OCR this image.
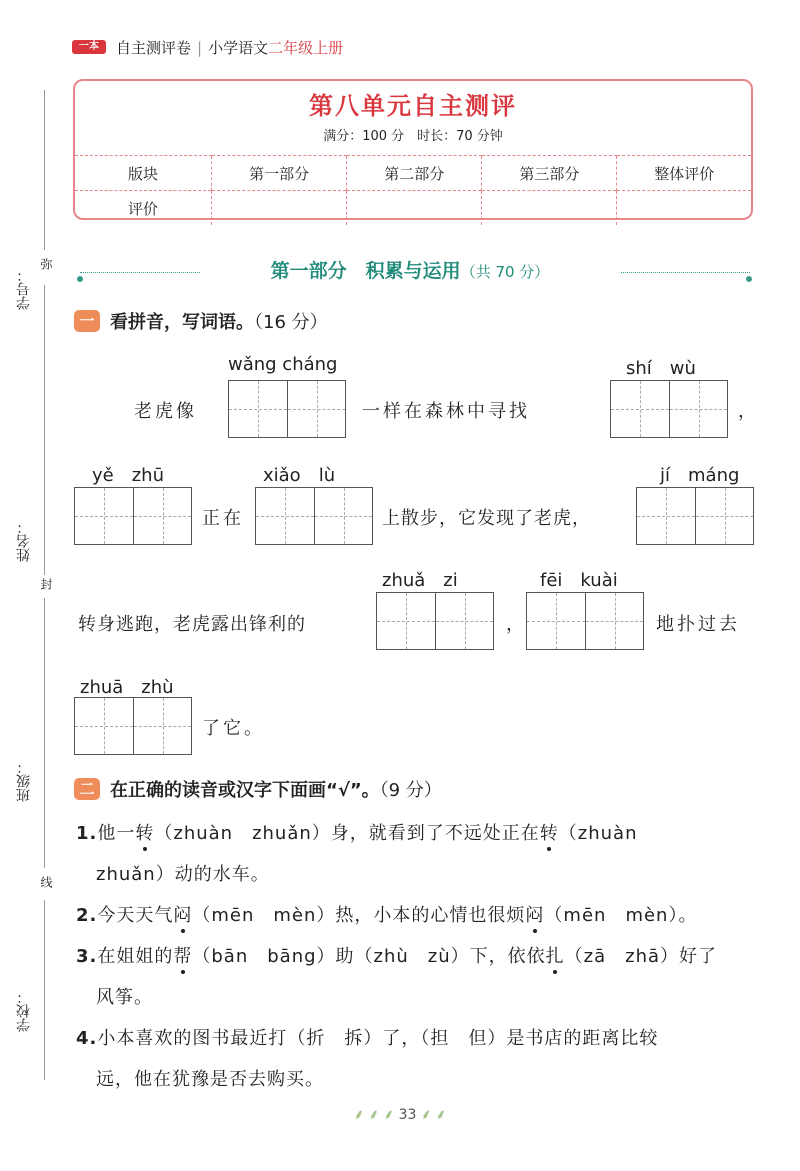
一本	自主测评卷 | 小学语文二年级上册
弥
封
线
学号：
姓名：
班级：
学校：
第八单元自主测评
满分：100 分　时长：70 分钟
版块	第一部分	第二部分	第三部分	整体评价
评价				
第一部分　积累与运用（共 70 分）
一 看拼音，写词语。（16 分）
wǎng cháng
老虎像	一样在森林中寻找
shí　wù
，
yě　zhū
正在
xiǎo　lù
上散步，它发现了老虎，
jí　máng
转身逃跑，老虎露出锋利的
zhuǎ　zi
，
fēi　kuài
地扑过去
zhuā　zhù
了它。
二 在正确的读音或汉字下面画“√”。（9 分）
1.他一转（zhuàn　zhuǎn）身，就看到了不远处正在转（zhuàn
zhuǎn）动的水车。
2.今天天气闷（mēn　mèn）热，小本的心情也很烦闷（mēn　mèn）。
3.在姐姐的帮（bān　bāng）助（zhù　zù）下，依依扎（zā　zhā）好了
风筝。
4.小本喜欢的图书最近打（折　拆）了，（担　但）是书店的距离比较
远，他在犹豫是否去购买。
⸙ ⸙ ⸙ 33 ⸙ ⸙
